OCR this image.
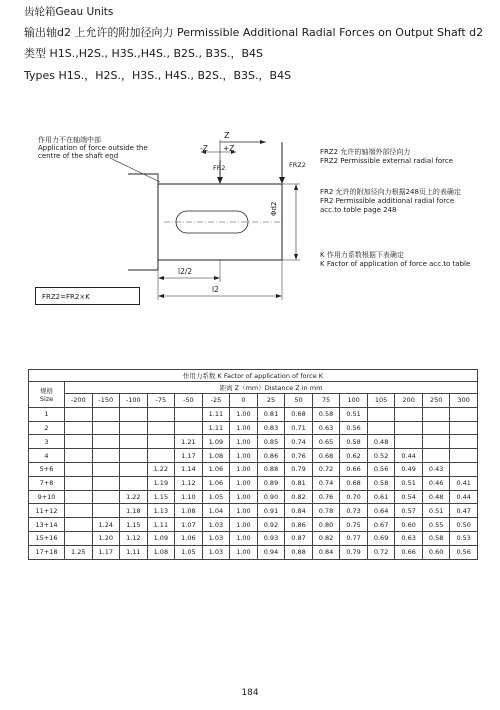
齿轮箱Geau Units
输出轴d2 上允许的附加径向力 Permissible Additional Radial Forces on Output Shaft d2
类型 H1S.,H2S., H3S.,H4S., B2S., B3S.，B4S
Types H1S.，H2S.，H3S., H4S., B2S.，B3S.，B4S
作用力不在轴端中部
Application of force outside the
centre of the shaft end
Z
-Z +Z
FR2	FRZ2
Φd2
l2/2
l2
FRZ2 允许的轴端外部径向力
FRZ2 Permissible external radial force
FR2 允许的附加径向力根据248页上的表确定
FR2 Permissible additional radial force
acc.to toble page 248
K 作用力系数根据下表确定
K Factor of application of force acc.to table
FRZ2=FR2×K
作用力系数 K Factor of application of force K															

规格
Size	距离 Z（mm）Distance Z in mm														
	-200	-150	-100	-75	-50	-25	0	25	50	75	100	105	200	250	300
1						1.11	1.00	0.81	0.68	0.58	0.51				
2						1.11	1.00	0.83	0.71	0.63	0.56				
3					1.21	1.09	1.00	0.85	0.74	0.65	0.58	0.48			
4					1.17	1.08	1.00	0.86	0.76	0.68	0.62	0.52	0.44		
5+6				1.22	1.14	1.06	1.00	0.88	0.79	0.72	0.66	0.56	0.49	0.43	
7+8				1.19	1.12	1.06	1.00	0.89	0.81	0.74	0.68	0.58	0.51	0.46	0.41
9+10			1.22	1.15	1.10	1.05	1.00	0.90	0.82	0.76	0.70	0.61	0.54	0.48	0.44
11+12			1.18	1.13	1.08	1.04	1.00	0.91	0.84	0.78	0.73	0.64	0.57	0.51	0.47
13+14		1.24	1.15	1.11	1.07	1.03	1.00	0.92	0.86	0.80	0.75	0.67	0.60	0.55	0.50
15+16		1.20	1.12	1.09	1.06	1.03	1.00	0.93	0.87	0.82	0.77	0.69	0.63	0.58	0.53
17+18	1.25	1.17	1.11	1.08	1.05	1.03	1.00	0.94	0.88	0.84	0.79	0.72	0.66	0.60	0.56
184
